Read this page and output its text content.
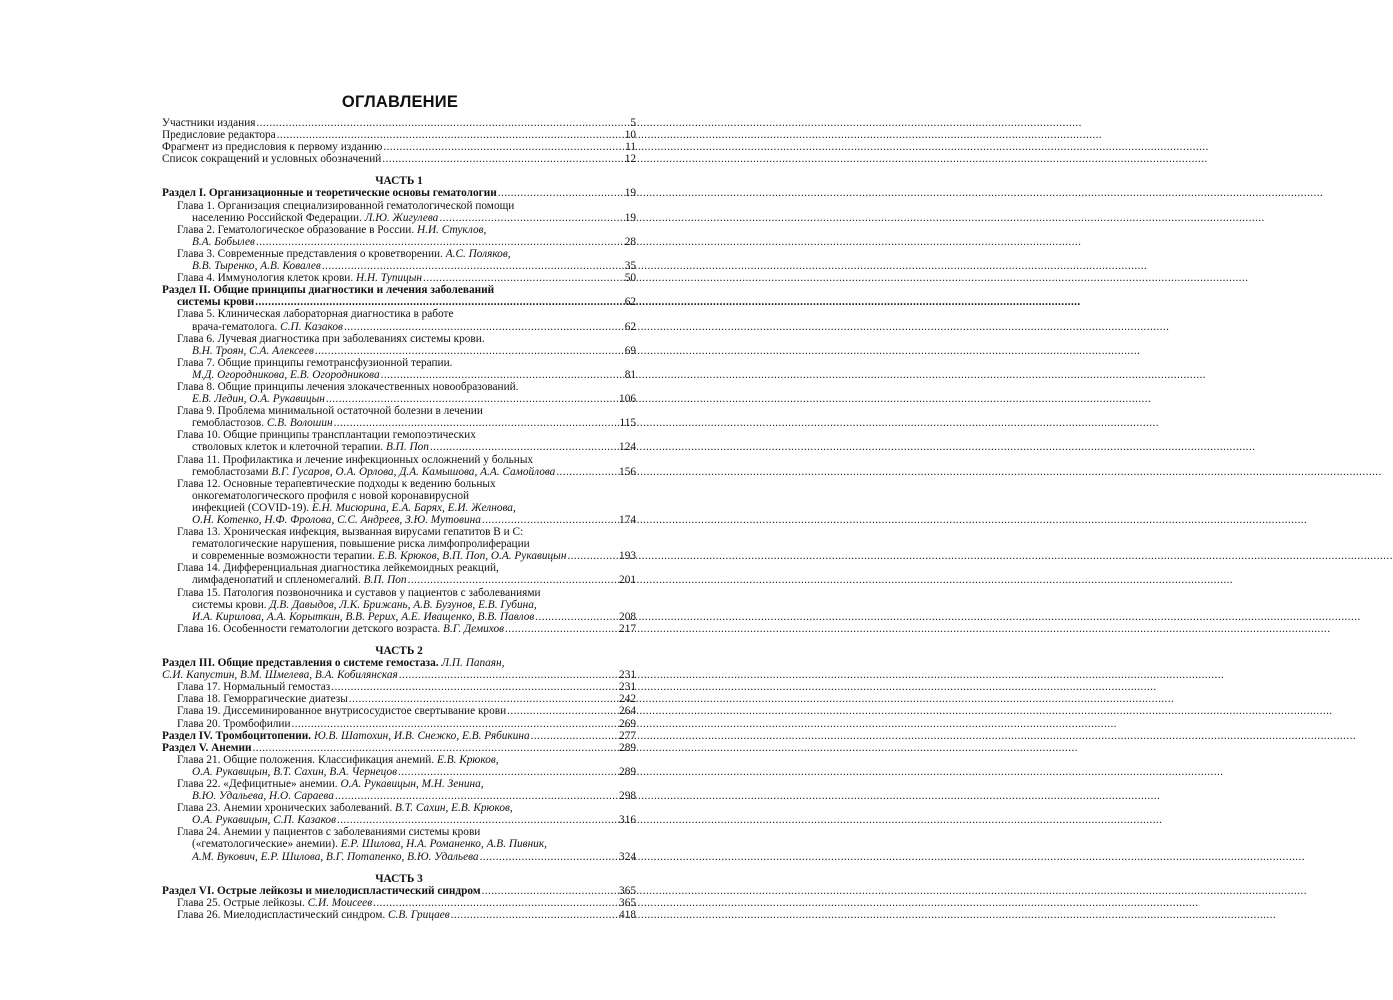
ОГЛАВЛЕНИЕ
Участники издания .....	5
Предисловие редактора .....	10
Фрагмент из предисловия к первому изданию .....	11
Список сокращений и условных обозначений .....	12
ЧАСТЬ 1
Раздел I. Организационные и теоретические основы гематологии .....	19
Глава 1. Организация специализированной гематологической помощи
населению Российской Федерации. Л.Ю. Жигулева .....	19
Глава 2. Гематологическое образование в России. Н.И. Стуклов,
В.А. Бобылев .....	28
Глава 3. Современные представления о кроветворении. А.С. Поляков,
В.В. Тыренко, А.В. Ковалев .....	35
Глава 4. Иммунология клеток крови. Н.Н. Тупицын .....	50
Раздел II. Общие принципы диагностики и лечения заболеваний
системы крови .....	62
Глава 5. Клиническая лабораторная диагностика в работе
врача-гематолога. С.П. Казаков .....	62
Глава 6. Лучевая диагностика при заболеваниях системы крови.
В.Н. Троян, С.А. Алексеев .....	69
Глава 7. Общие принципы гемотрансфузионной терапии.
М.Д. Огородникова, Е.В. Огородникова .....	81
Глава 8. Общие принципы лечения злокачественных новообразований.
Е.В. Ледин, О.А. Рукавицын .....	106
Глава 9. Проблема минимальной остаточной болезни в лечении
гемобластозов. С.В. Волошин .....	115
Глава 10. Общие принципы трансплантации гемопоэтических
стволовых клеток и клеточной терапии. В.П. Поп .....	124
Глава 11. Профилактика и лечение инфекционных осложнений у больных
гемобластозами В.Г. Гусаров, О.А. Орлова, Д.А. Камышова, А.А. Самойлова .....	156
Глава 12. Основные терапевтические подходы к ведению больных
онкогематологического профиля с новой коронавирусной
инфекцией (COVID-19). Е.Н. Мисюрина, Е.А. Барях, Е.И. Желнова,
О.Н. Котенко, Н.Ф. Фролова, С.С. Андреев, З.Ю. Мутовина .....	174
Глава 13. Хроническая инфекция, вызванная вирусами гепатитов B и C:
гематологические нарушения, повышение риска лимфопролиферации
и современные возможности терапии. Е.В. Крюков, В.П. Поп, О.А. Рукавицын .....	193
Глава 14. Дифференциальная диагностика лейкемоидных реакций,
лимфаденопатий и спленомегалий. В.П. Поп .....	201
Глава 15. Патология позвоночника и суставов у пациентов с заболеваниями
системы крови. Д.В. Давыдов, Л.К. Брижань, А.В. Бузунов, Е.В. Губина,
И.А. Кирилова, А.А. Корыткин, В.В. Рерих, А.Е. Иващенко, В.В. Павлов .....	208
Глава 16. Особенности гематологии детского возраста. В.Г. Демихов .....	217
ЧАСТЬ 2
Раздел III. Общие представления о системе гемостаза. Л.П. Папаян,
С.И. Капустин, В.М. Шмелева, В.А. Кобилянская .....	231
Глава 17. Нормальный гемостаз .....	231
Глава 18. Геморрагические диатезы .....	242
Глава 19. Диссеминированное внутрисосудистое свертывание крови .....	264
Глава 20. Тромбофилии .....	269
Раздел IV. Тромбоцитопении. Ю.В. Шатохин, И.В. Снежко, Е.В. Рябикина .....	277
Раздел V. Анемии .....	289
Глава 21. Общие положения. Классификация анемий. Е.В. Крюков,
О.А. Рукавицын, В.Т. Сахин, В.А. Чернецов .....	289
Глава 22. «Дефицитные» анемии. О.А. Рукавицын, М.Н. Зенина,
В.Ю. Удальева, Н.О. Сараева .....	298
Глава 23. Анемии хронических заболеваний. В.Т. Сахин, Е.В. Крюков,
О.А. Рукавицын, С.П. Казаков .....	316
Глава 24. Анемии у пациентов с заболеваниями системы крови
(«гематологические» анемии). Е.Р. Шилова, Н.А. Романенко, А.В. Пивник,
А.М. Вукович, Е.Р. Шилова, В.Г. Потапенко, В.Ю. Удальева .....	324
ЧАСТЬ 3
Раздел VI. Острые лейкозы и миелодиспластический синдром .....	365
Глава 25. Острые лейкозы. С.И. Моисеев .....	365
Глава 26. Миелодиспластический синдром. С.В. Грицаев .....	418
